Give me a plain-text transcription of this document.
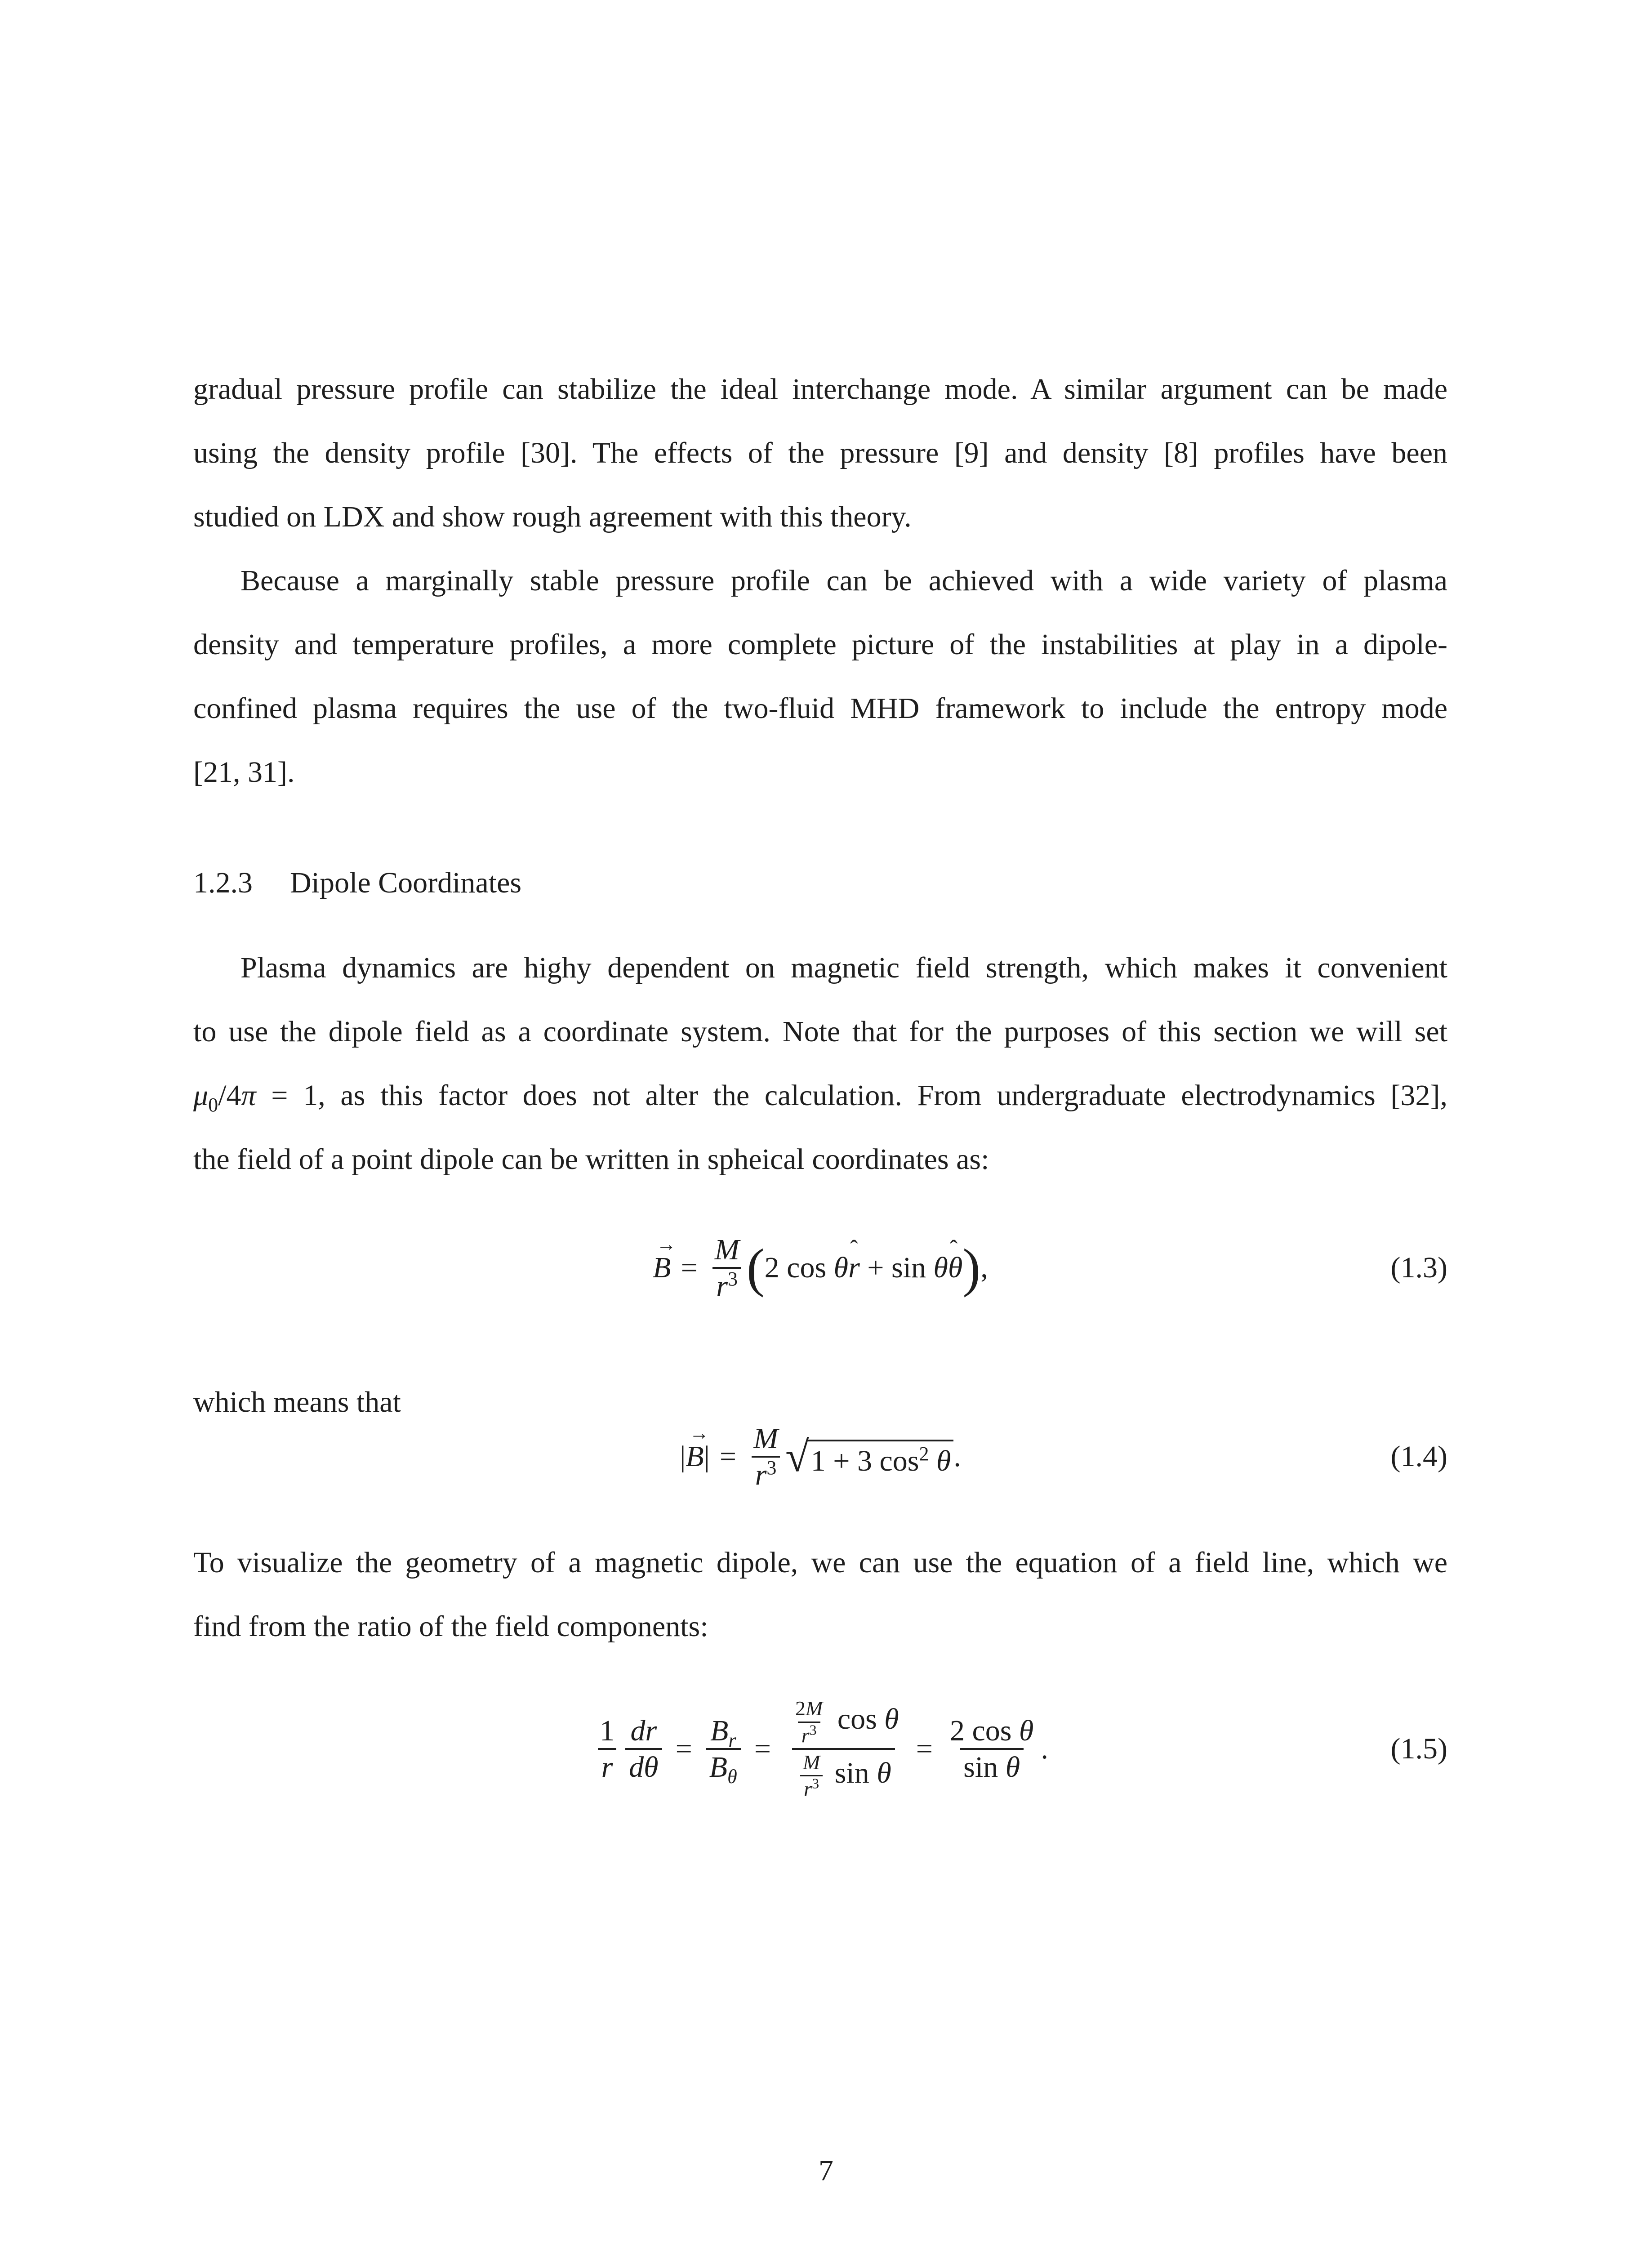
gradual pressure profile can stabilize the ideal interchange mode. A similar argument can be made
using the density profile [30]. The effects of the pressure [9] and density [8] profiles have been
studied on LDX and show rough agreement with this theory.
Because a marginally stable pressure profile can be achieved with a wide variety of plasma
density and temperature profiles, a more complete picture of the instabilities at play in a dipole-
confined plasma requires the use of the two-fluid MHD framework to include the entropy mode
[21, 31].
1.2.3 Dipole Coordinates
Plasma dynamics are highy dependent on magnetic field strength, which makes it convenient
to use the dipole field as a coordinate system. Note that for the purposes of this section we will set
$\mu_0/4\pi = 1$, as this factor does not alter the calculation. From undergraduate electrodynamics [32],
the field of a point dipole can be written in spheical coordinates as:
→ $B = \frac{M}{r^3}$ ( 2 cos θˆ r + sin θˆ θ ) ,	(1.3)
which means that
|
→ B | = $\frac{M}{r^3}$ √ 1 + 3 $\cos^2 \theta$ .	(1.4)
To visualize the geometry of a magnetic dipole, we can use the equation of a field line, which we
find from the ratio of the field components:
$\frac{1}{r} \frac{dr}{d\theta} = \frac{B_r}{B_\theta} = \frac{\frac{2M}{r^3} \cos \theta}{\frac{M}{r^3} \sin \theta} = \frac{\text{2 cos θ}}{\text{sin θ}}$ .	(1.5)
7
